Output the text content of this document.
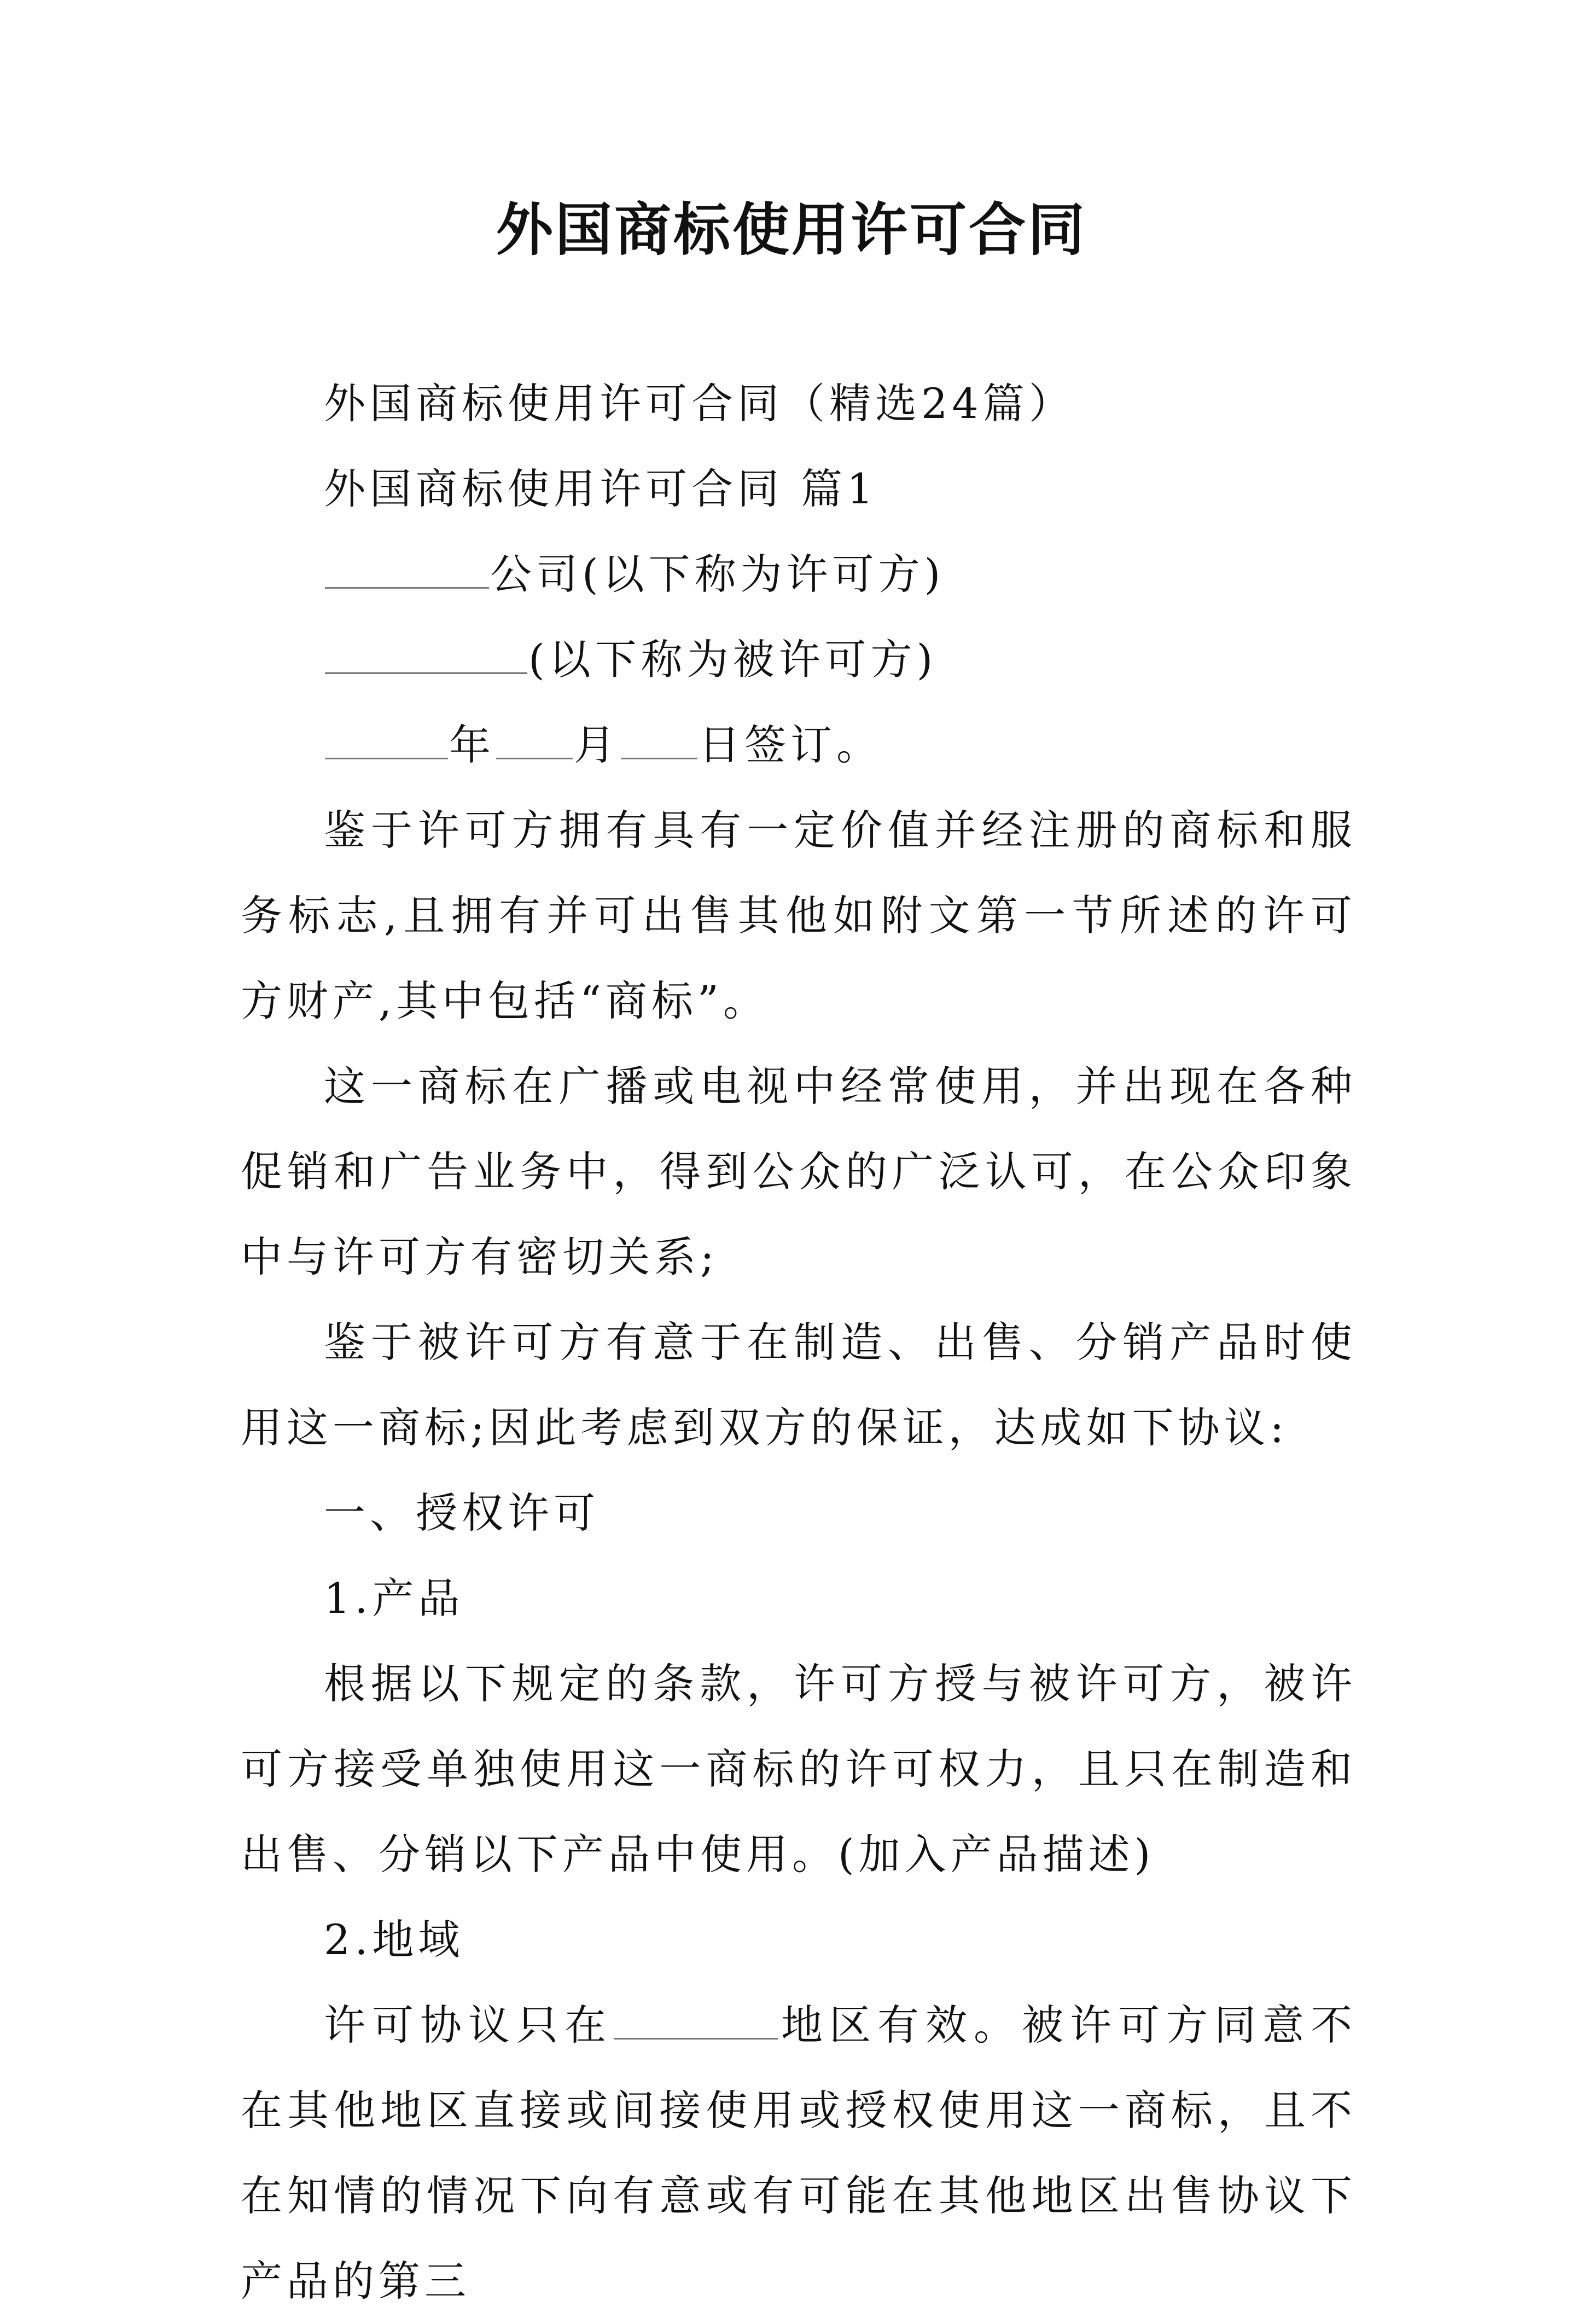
外国商标使用许可合同

外国商标使用许可合同（精选24篇）

外国商标使用许可合同 篇1

公司(以下称为许可方)

(以下称为被许可方)

年 月 日签订。

鉴于许可方拥有具有一定价值并经注册的商标和服务标志,且拥有并可出售其他如附文第一节所述的许可方财产,其中包括“商标”。

这一商标在广播或电视中经常使用，并出现在各种促销和广告业务中，得到公众的广泛认可，在公众印象中与许可方有密切关系;

鉴于被许可方有意于在制造、出售、分销产品时使用这一商标;因此考虑到双方的保证，达成如下协议:

一、授权许可

1.产品

根据以下规定的条款，许可方授与被许可方，被许可方接受单独使用这一商标的许可权力，且只在制造和出售、分销以下产品中使用。(加入产品描述)

2.地域

许可协议只在	地区有效。被许可方同意不在其他地区直接或间接使用或授权使用这一商标，且不在知情的情况下向有意或有可能在其他地区出售协议下产品的第三
